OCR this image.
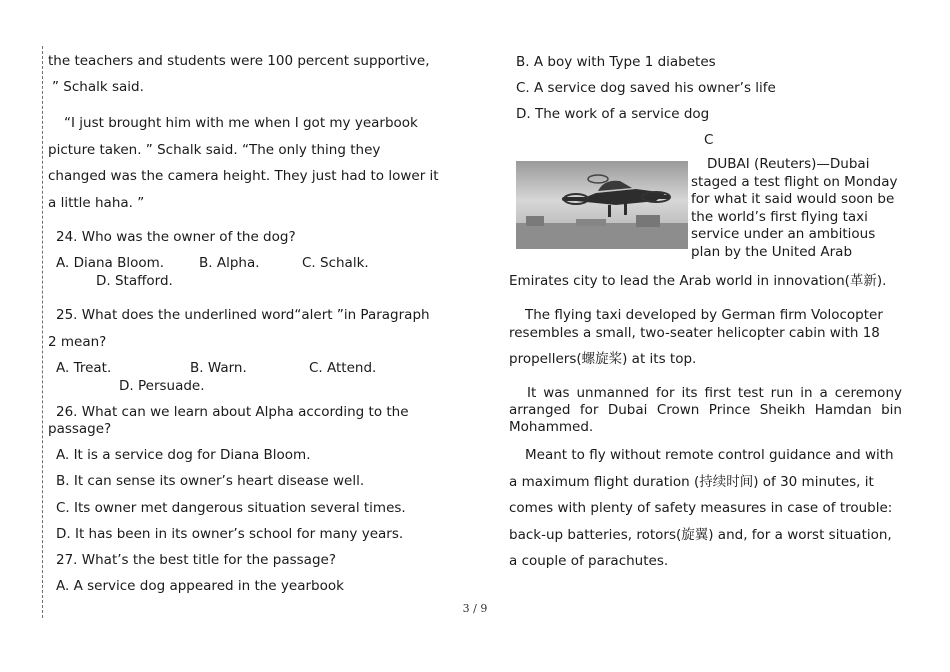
the teachers and students were 100 percent supportive,
” Schalk said.
“I just brought him with me when I got my yearbook
picture taken. ” Schalk said. “The only thing they
changed was the camera height. They just had to lower it
a little haha. ”
24. Who was the owner of the dog?
A. Diana Bloom.	B. Alpha.	C. Schalk.
D. Stafford.
25. What does the underlined word“alert ”in Paragraph
2 mean?
A. Treat.	B. Warn.	C. Attend.
D. Persuade.
26. What can we learn about Alpha according to the
passage?
A. It is a service dog for Diana Bloom.
B. It can sense its owner’s heart disease well.
C. Its owner met dangerous situation several times.
D. It has been in its owner’s school for many years.
27. What’s the best title for the passage?
A. A service dog appeared in the yearbook
B. A boy with Type 1 diabetes
C. A service dog saved his owner’s life
D. The work of a service dog
C
DUBAI (Reuters)—Dubai
staged a test flight on Monday
for what it said would soon be
the world’s first flying taxi
service under an ambitious
plan by the United Arab
Emirates city to lead the Arab world in innovation(革新).
The flying taxi developed by German firm Volocopter
resembles a small, two-seater helicopter cabin with 18
propellers(螺旋桨) at its top.
It was unmanned for its first test run in a ceremony arranged for Dubai Crown Prince Sheikh Hamdan bin Mohammed.
Meant to fly without remote control guidance and with
a maximum flight duration (持续时间) of 30 minutes, it
comes with plenty of safety measures in case of trouble:
back-up batteries, rotors(旋翼) and, for a worst situation,
a couple of parachutes.
3 / 9
